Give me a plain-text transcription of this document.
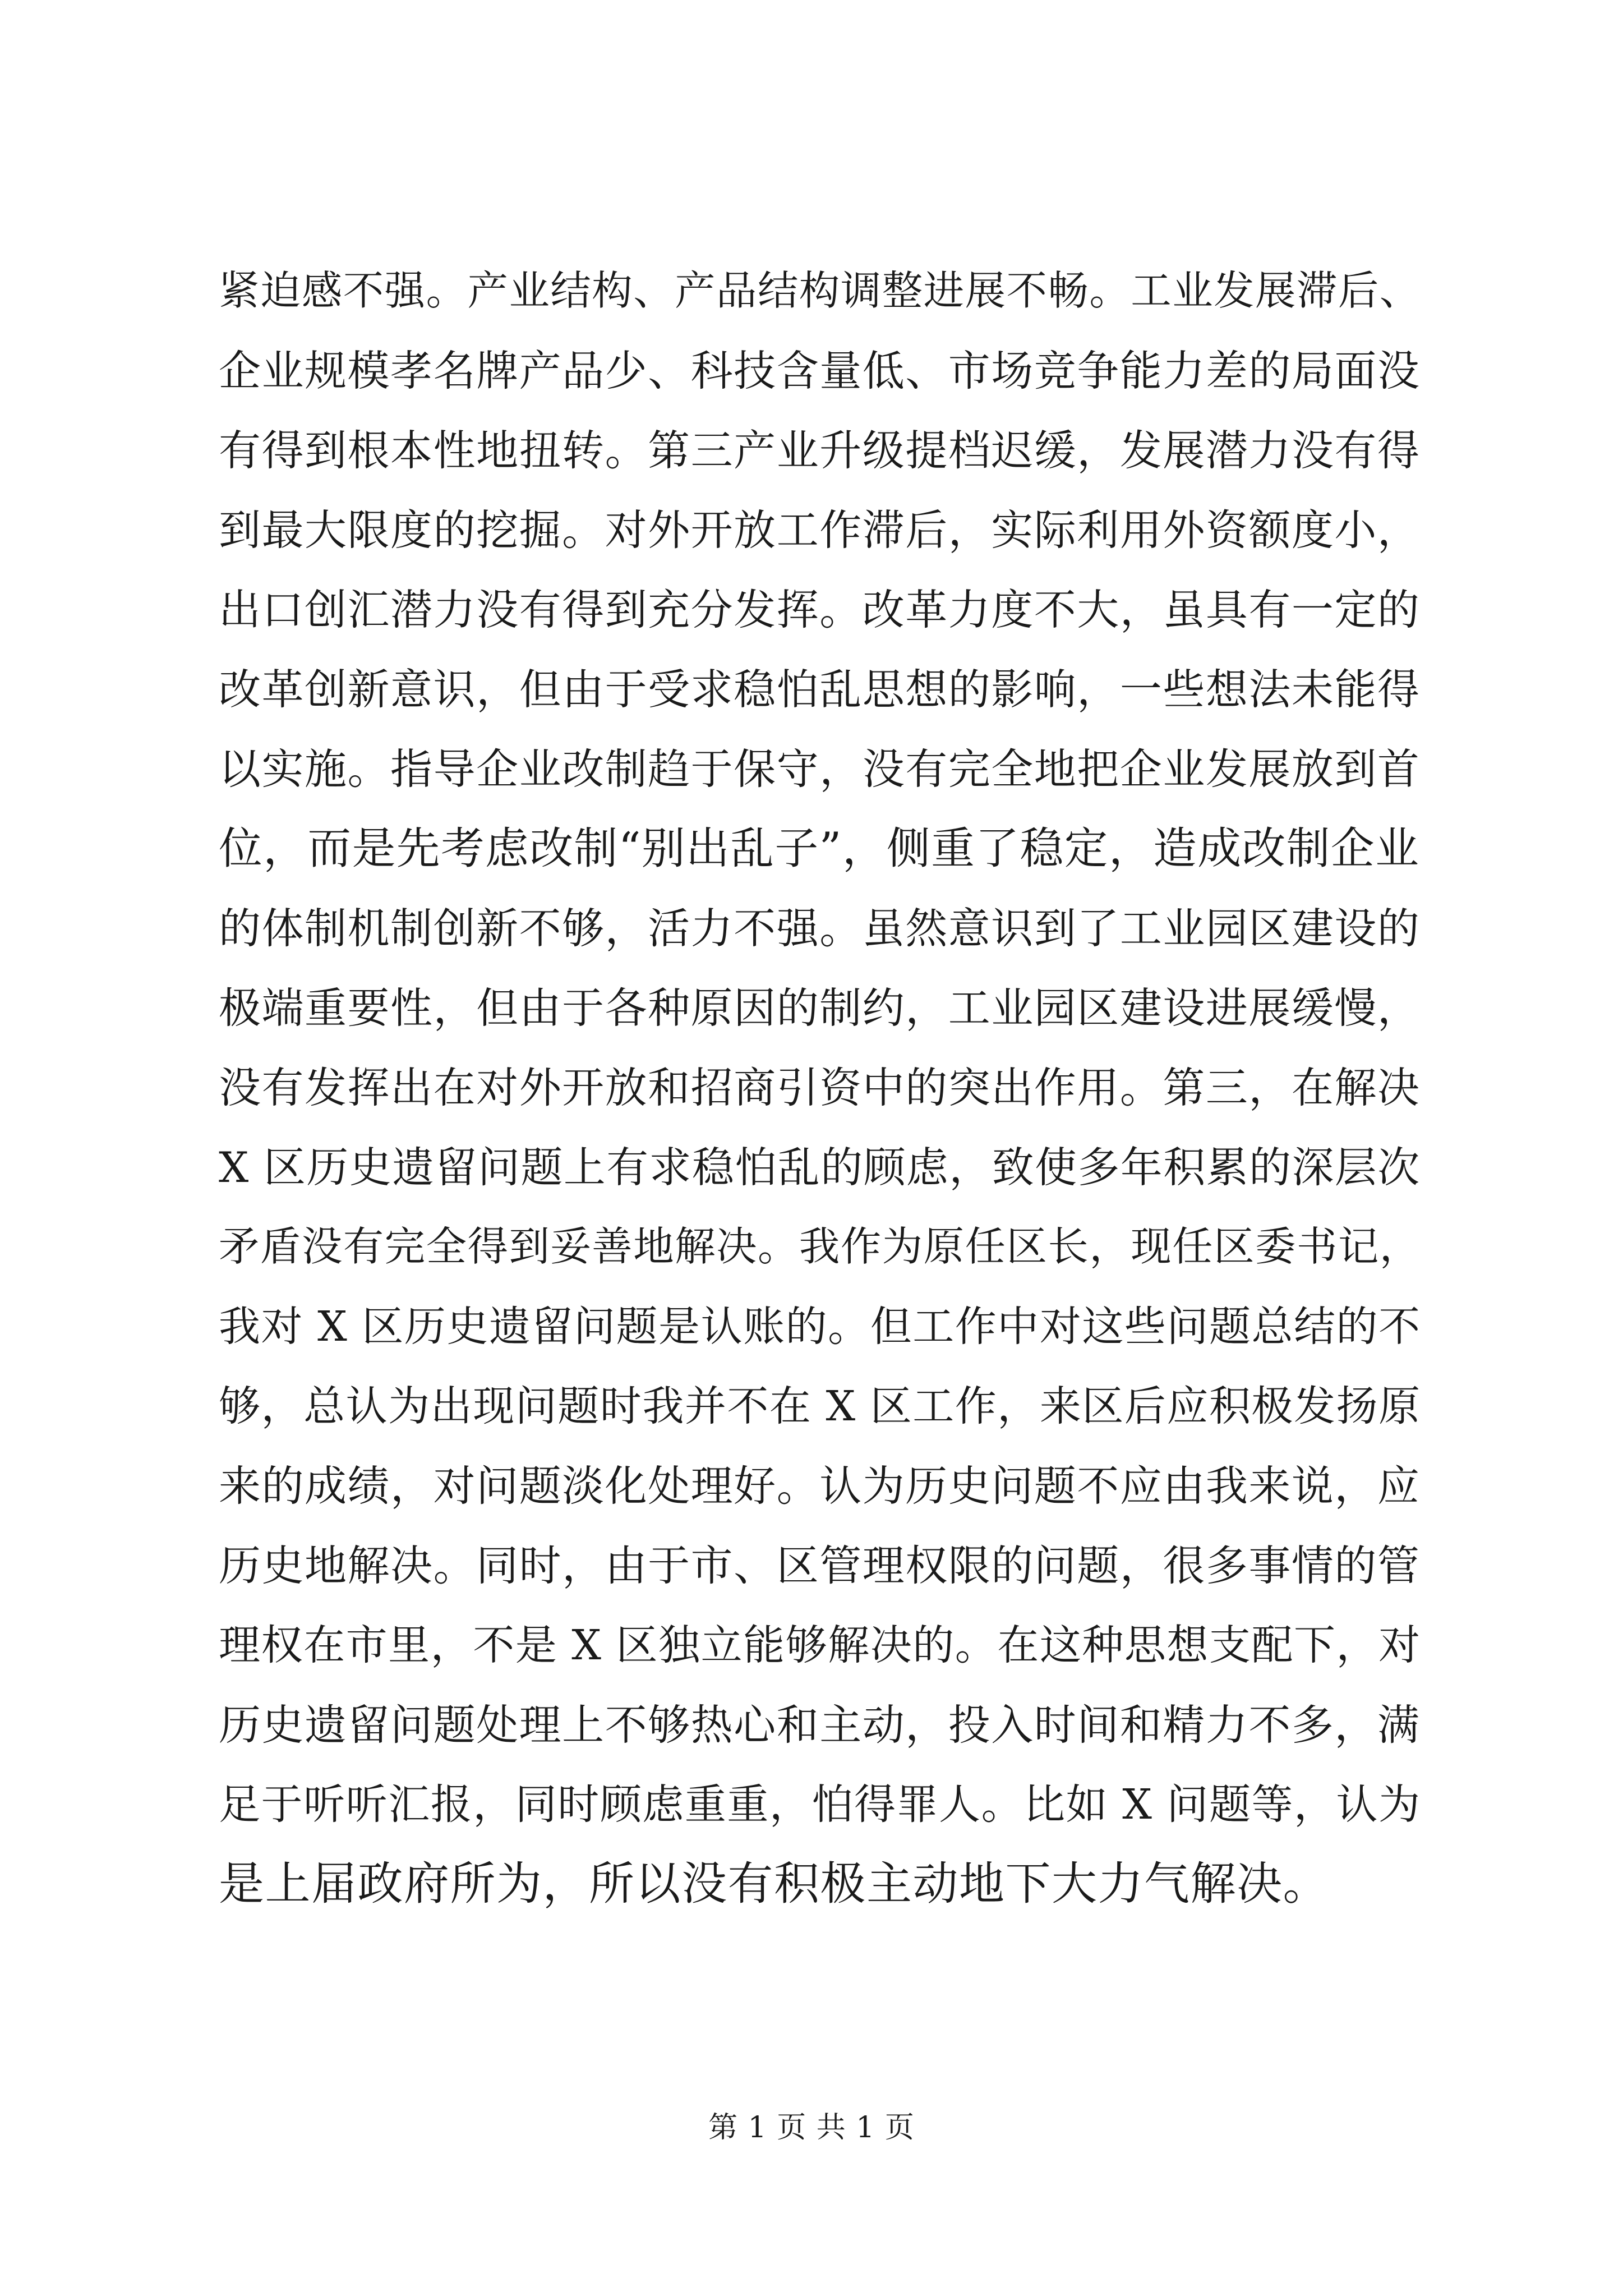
紧迫感不强。产业结构、产品结构调整进展不畅。工业发展滞后、
企业规模孝名牌产品少、科技含量低、市场竞争能力差的局面没
有得到根本性地扭转。第三产业升级提档迟缓，发展潜力没有得
到最大限度的挖掘。对外开放工作滞后，实际利用外资额度小，
出口创汇潜力没有得到充分发挥。改革力度不大，虽具有一定的
改革创新意识，但由于受求稳怕乱思想的影响，一些想法未能得
以实施。指导企业改制趋于保守，没有完全地把企业发展放到首
位，而是先考虑改制“别出乱子”，侧重了稳定，造成改制企业
的体制机制创新不够，活力不强。虽然意识到了工业园区建设的
极端重要性，但由于各种原因的制约，工业园区建设进展缓慢，
没有发挥出在对外开放和招商引资中的突出作用。第三，在解决
X 区历史遗留问题上有求稳怕乱的顾虑，致使多年积累的深层次
矛盾没有完全得到妥善地解决。我作为原任区长，现任区委书记，
我对 X 区历史遗留问题是认账的。但工作中对这些问题总结的不
够，总认为出现问题时我并不在 X 区工作，来区后应积极发扬原
来的成绩，对问题淡化处理好。认为历史问题不应由我来说，应
历史地解决。同时，由于市、区管理权限的问题，很多事情的管
理权在市里，不是 X 区独立能够解决的。在这种思想支配下，对
历史遗留问题处理上不够热心和主动，投入时间和精力不多，满
足于听听汇报，同时顾虑重重，怕得罪人。比如 X 问题等，认为
是上届政府所为，所以没有积极主动地下大力气解决。
第 1 页 共 1 页
